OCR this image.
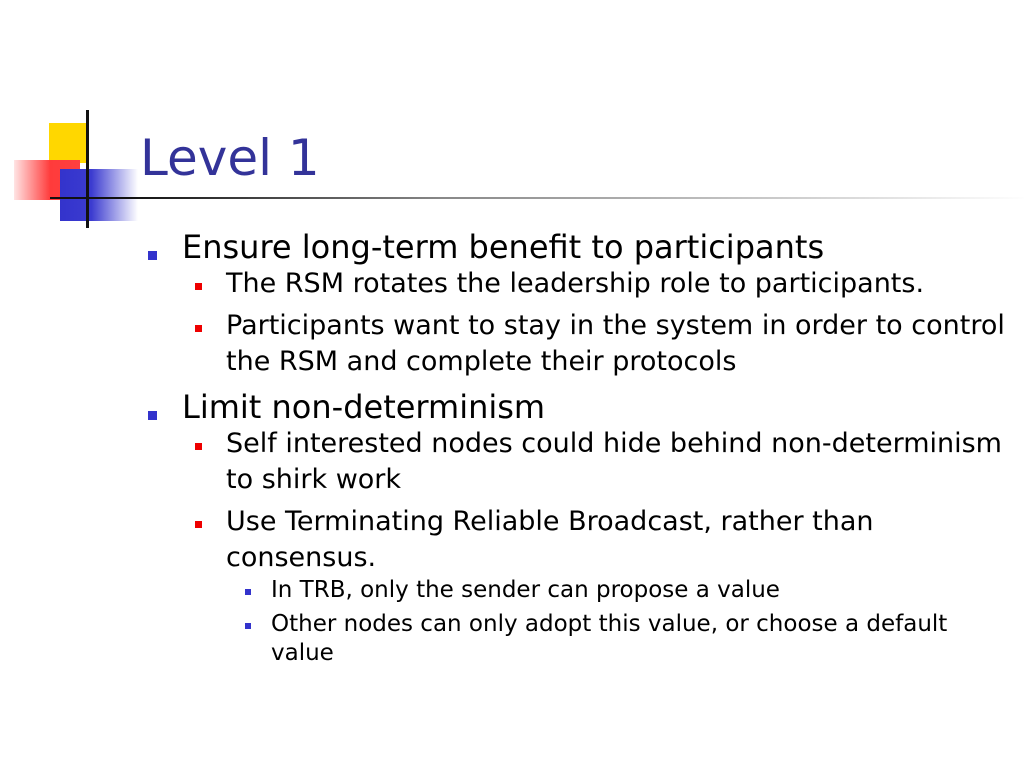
Level 1
Ensure long-term benefit to participants
The RSM rotates the leadership role to participants.
Participants want to stay in the system in order to control the RSM and complete their protocols
Limit non-determinism
Self interested nodes could hide behind non-determinism to shirk work
Use Terminating Reliable Broadcast, rather than consensus.
In TRB, only the sender can propose a value
Other nodes can only adopt this value, or choose a default value
